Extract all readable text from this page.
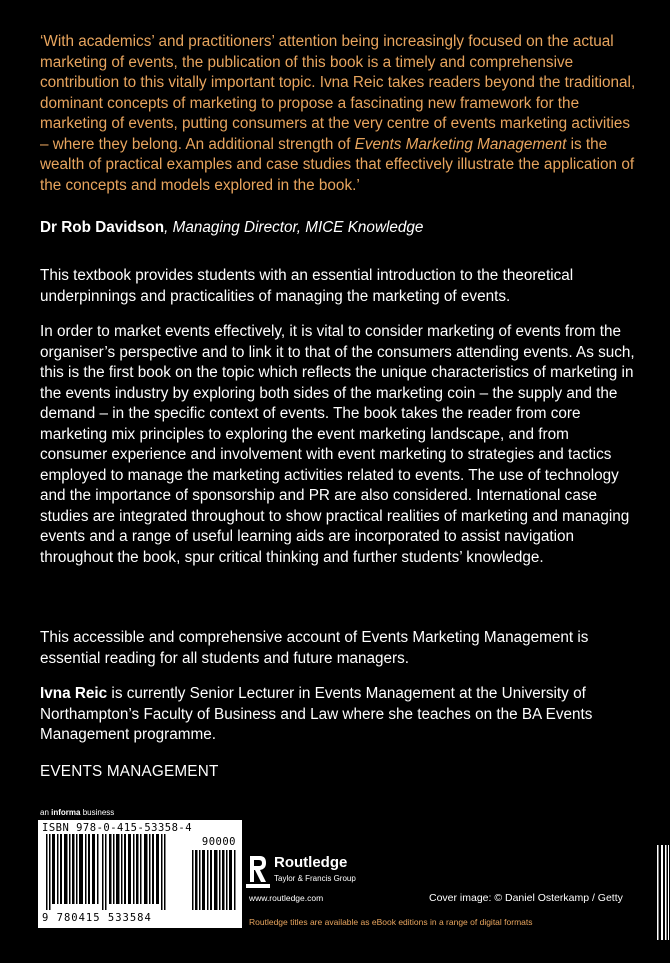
‘With academics’ and practitioners’ attention being increasingly focused on the actual marketing of events, the publication of this book is a timely and comprehensive contribution to this vitally important topic. Ivna Reic takes readers beyond the traditional, dominant concepts of marketing to propose a fascinating new framework for the marketing of events, putting consumers at the very centre of events marketing activities – where they belong. An additional strength of Events Marketing Management is the wealth of practical examples and case studies that effectively illustrate the application of the concepts and models explored in the book.’
Dr Rob Davidson, Managing Director, MICE Knowledge
This textbook provides students with an essential introduction to the theoretical underpinnings and practicalities of managing the marketing of events.
In order to market events effectively, it is vital to consider marketing of events from the organiser’s perspective and to link it to that of the consumers attending events. As such, this is the first book on the topic which reflects the unique characteristics of marketing in the events industry by exploring both sides of the marketing coin – the supply and the demand – in the specific context of events. The book takes the reader from core marketing mix principles to exploring the event marketing landscape, and from consumer experience and involvement with event marketing to strategies and tactics employed to manage the marketing activities related to events. The use of technology and the importance of sponsorship and PR are also considered. International case studies are integrated throughout to show practical realities of marketing and managing events and a range of useful learning aids are incorporated to assist navigation throughout the book, spur critical thinking and further students’ knowledge.
This accessible and comprehensive account of Events Marketing Management is essential reading for all students and future managers.
Ivna Reic is currently Senior Lecturer in Events Management at the University of Northampton’s Faculty of Business and Law where she teaches on the BA Events Management programme.
EVENTS MANAGEMENT
an informa business
ISBN 978-0-415-53358-4
90000
9 780415 533584
Routledge
Taylor & Francis Group
www.routledge.com	Cover image: © Daniel Osterkamp / Getty
Routledge titles are available as eBook editions in a range of digital formats
